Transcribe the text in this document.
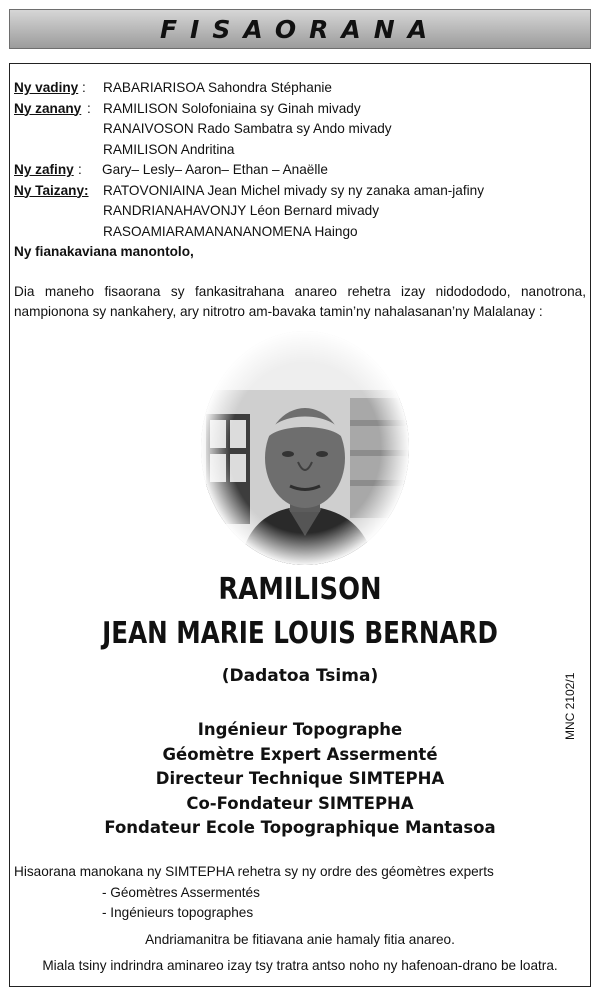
FISAORANA
Ny vadiny :	RABARIARISOA Sahondra Stéphanie
Ny zanany : RAMILISON Solofoniaina sy Ginah mivady
RANAIVOSON Rado Sambatra sy Ando mivady
RAMILISON Andritina
Ny zafiny :	Gary– Lesly– Aaron– Ethan – Anaëlle
Ny Taizany:	RATOVONIAINA Jean Michel mivady sy ny zanaka aman-jafiny
RANDRIANAHAVONJY Léon Bernard mivady
RASOAMIARAMANANANOMENA Haingo
Ny fianakaviana manontolo,
Dia maneho fisaorana sy fankasitrahana anareo rehetra izay nidodododo, nanotrona, nampionona sy nankahery, ary nitrotro am-bavaka tamin’ny nahalasanan’ny Malalanay :
RAMILISON
JEAN MARIE LOUIS BERNARD
(Dadatoa Tsima)
Ingénieur Topographe
Géomètre Expert Assermenté
Directeur Technique SIMTEPHA
Co-Fondateur SIMTEPHA
Fondateur Ecole Topographique Mantasoa
MNC 2102/1
Hisaorana manokana ny SIMTEPHA rehetra sy ny ordre des géomètres experts
- Géomètres Assermentés
- Ingénieurs topographes
Andriamanitra be fitiavana anie hamaly fitia anareo.
Miala tsiny indrindra aminareo izay tsy tratra antso noho ny hafenoan-drano be loatra.
